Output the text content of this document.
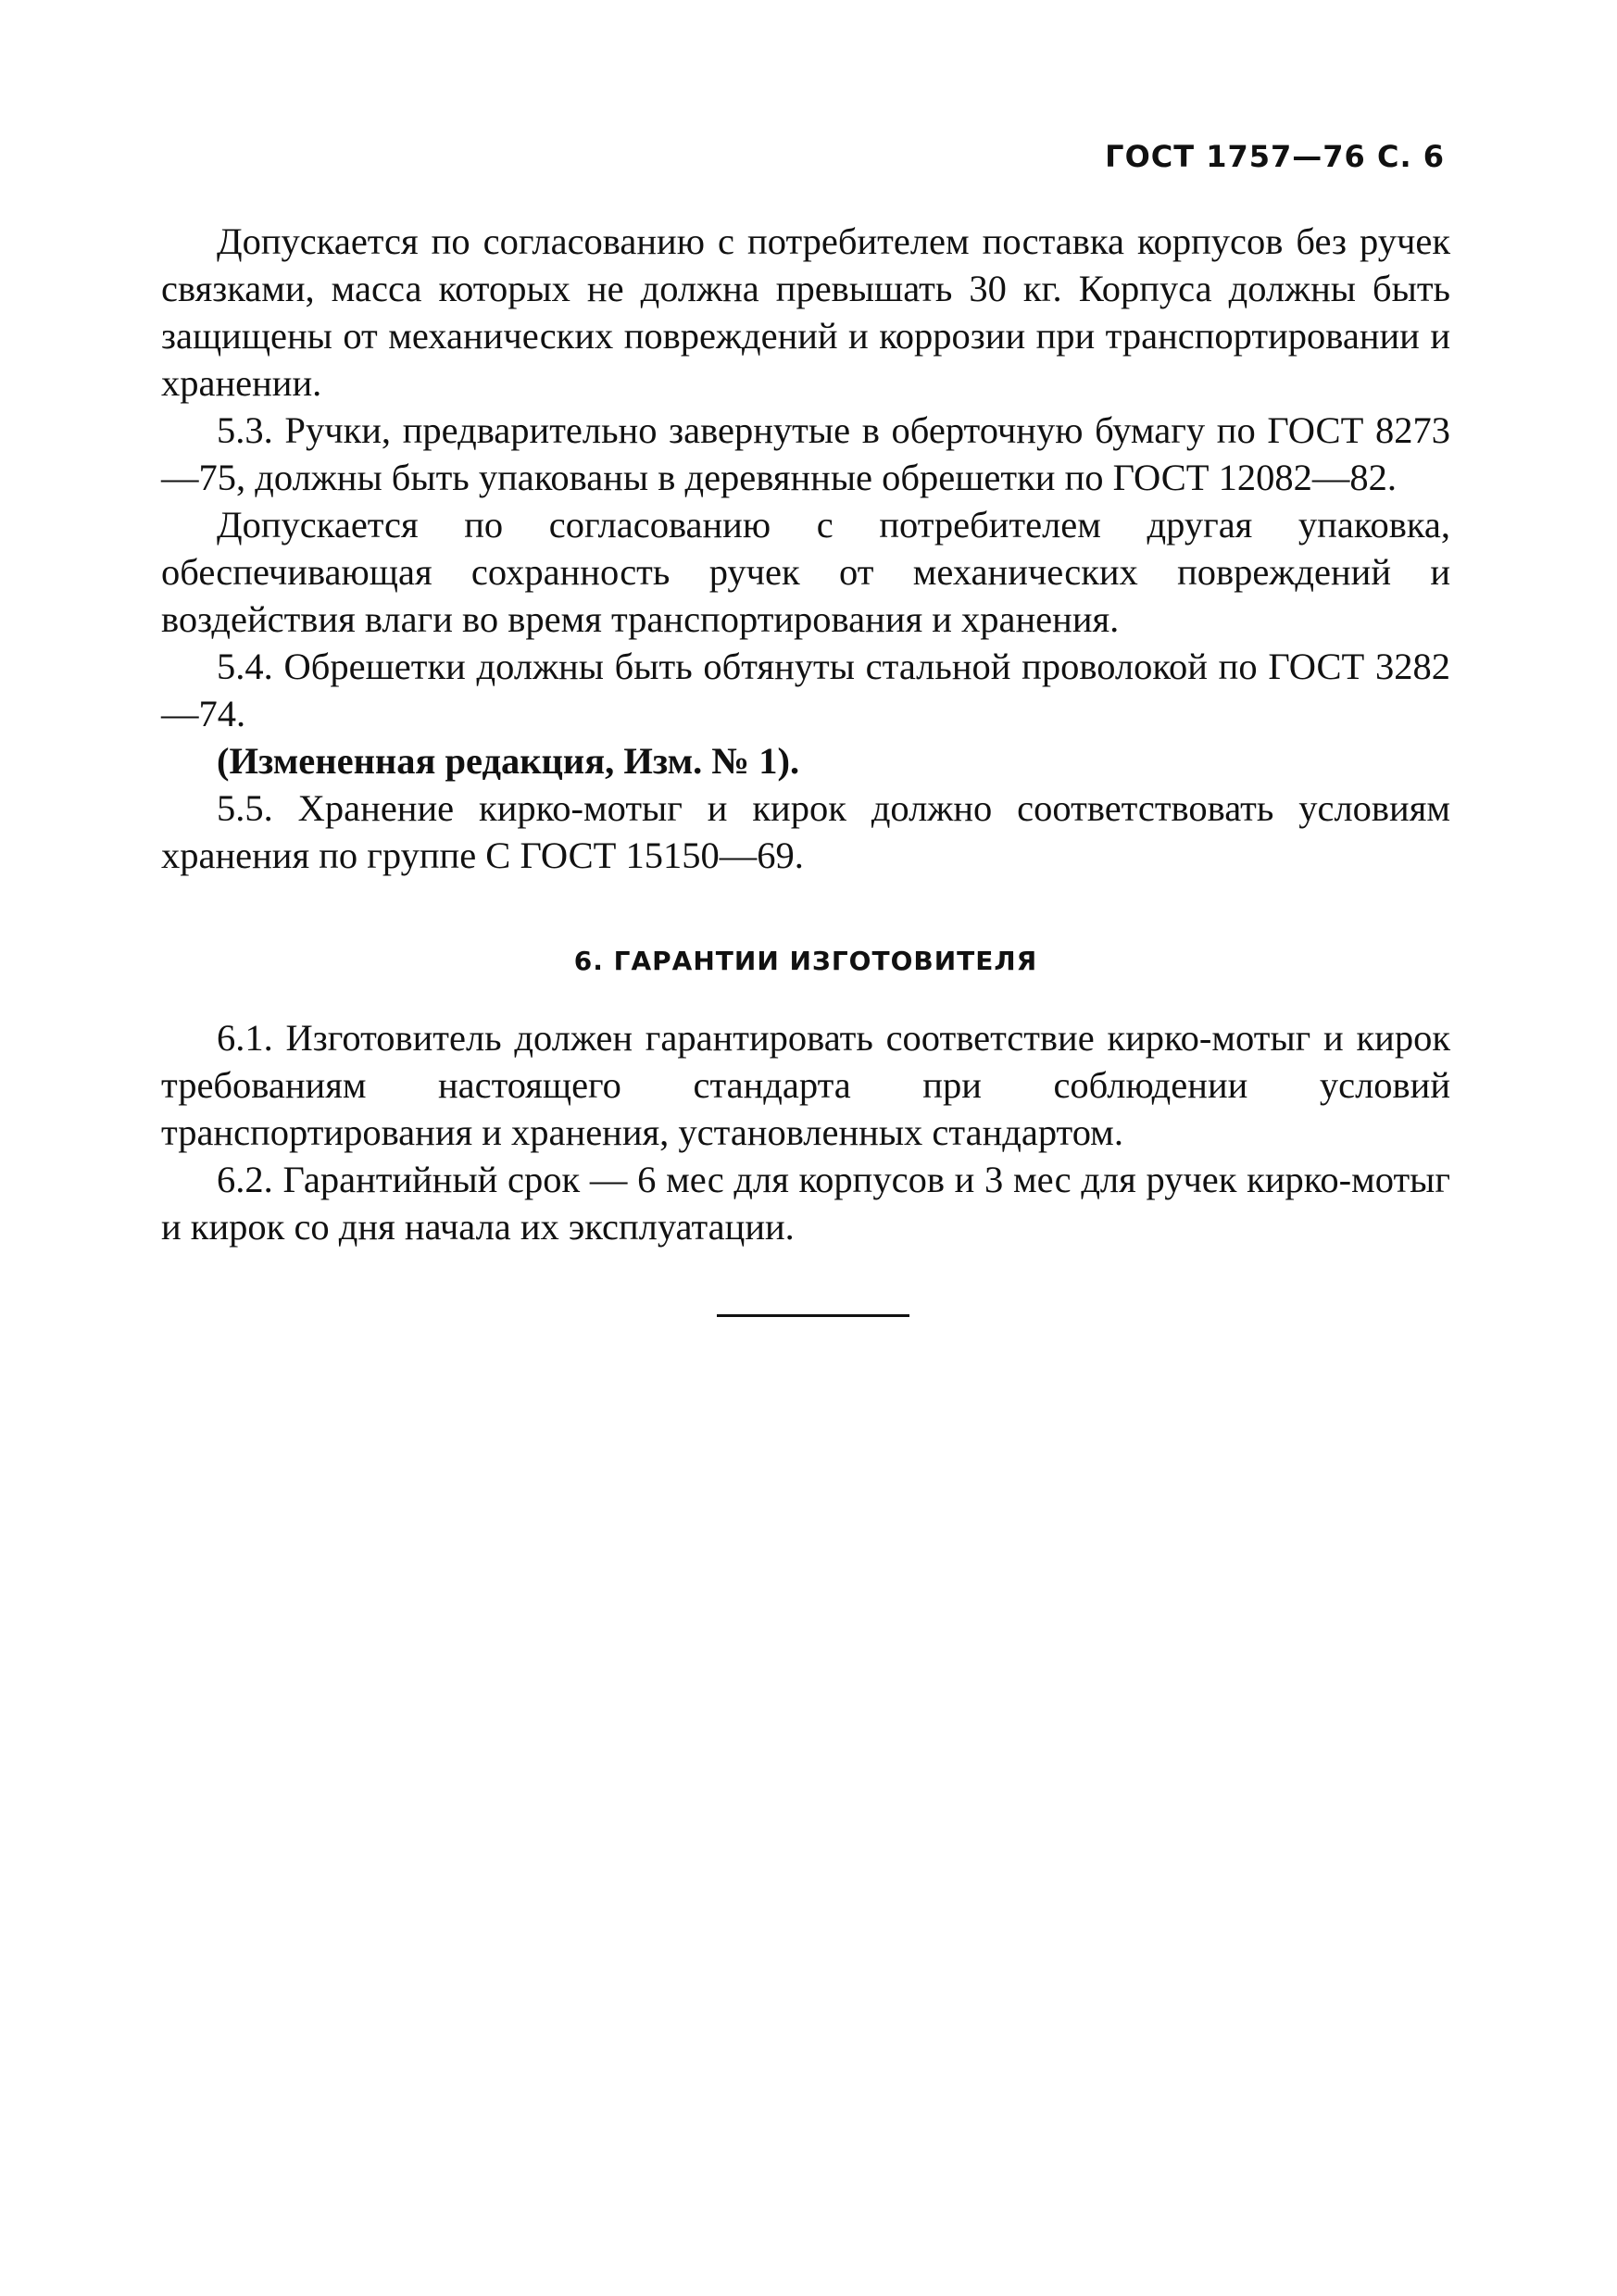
ГОСТ 1757—76 С. 6

Допускается по согласованию с потребителем поставка корпусов без ручек связками, масса которых не должна превышать 30 кг. Корпуса должны быть защищены от механических повреждений и коррозии при транспортировании и хранении.

5.3. Ручки, предварительно завернутые в оберточную бумагу по ГОСТ 8273—75, должны быть упакованы в деревянные обрешетки по ГОСТ 12082—82.

Допускается по согласованию с потребителем другая упаковка, обеспечивающая сохранность ручек от механических повреждений и воздействия влаги во время транспортирования и хранения.

5.4. Обрешетки должны быть обтянуты стальной проволокой по ГОСТ 3282—74.

(Измененная редакция, Изм. № 1).

5.5. Хранение кирко-мотыг и кирок должно соответствовать условиям хранения по группе С ГОСТ 15150—69.

6. ГАРАНТИИ ИЗГОТОВИТЕЛЯ

6.1. Изготовитель должен гарантировать соответствие кирко-мотыг и кирок требованиям настоящего стандарта при соблюдении условий транспортирования и хранения, установленных стандартом.

6.2. Гарантийный срок — 6 мес для корпусов и 3 мес для ручек кирко-мотыг и кирок со дня начала их эксплуатации.
